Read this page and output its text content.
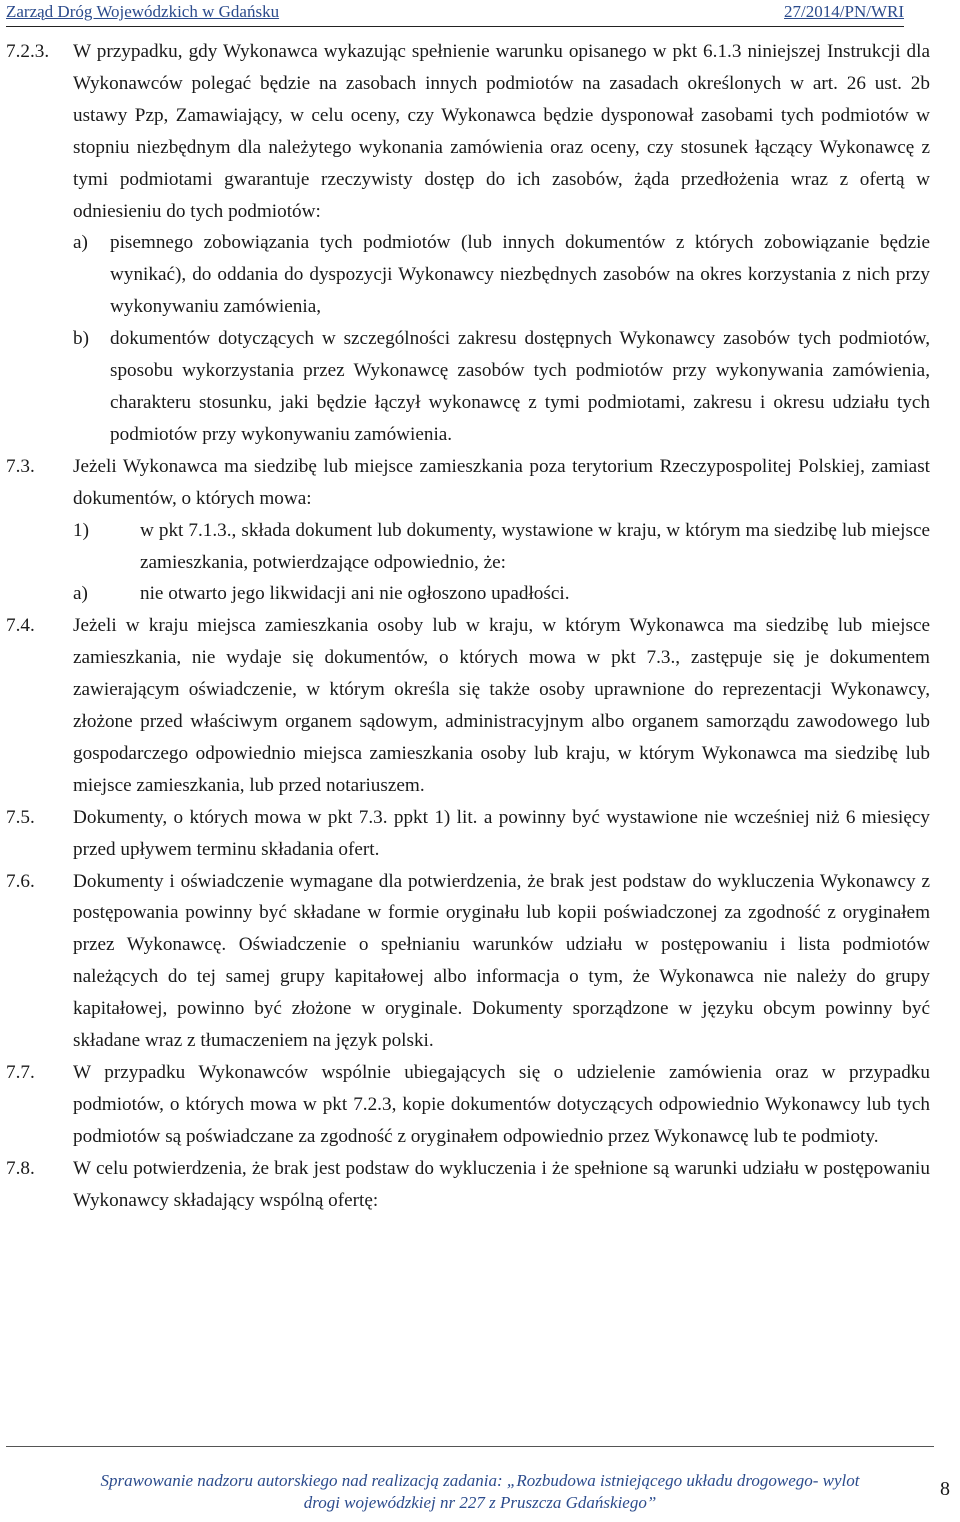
Zarząd Dróg Wojewódzkich w Gdańsku	27/2014/PN/WRI
7.2.3. W przypadku, gdy Wykonawca wykazując spełnienie warunku opisanego w pkt 6.1.3 niniejszej Instrukcji dla Wykonawców polegać będzie na zasobach innych podmiotów na zasadach określonych w art. 26 ust. 2b ustawy Pzp, Zamawiający, w celu oceny, czy Wykonawca będzie dysponował zasobami tych podmiotów w stopniu niezbędnym dla należytego wykonania zamówienia oraz oceny, czy stosunek łączący Wykonawcę z tymi podmiotami gwarantuje rzeczywisty dostęp do ich zasobów, żąda przedłożenia wraz z ofertą w odniesieniu do tych podmiotów:
a) pisemnego zobowiązania tych podmiotów (lub innych dokumentów z których zobowiązanie będzie wynikać), do oddania do dyspozycji Wykonawcy niezbędnych zasobów na okres korzystania z nich przy wykonywaniu zamówienia,
b) dokumentów dotyczących w szczególności zakresu dostępnych Wykonawcy zasobów tych podmiotów, sposobu wykorzystania przez Wykonawcę zasobów tych podmiotów przy wykonywania zamówienia, charakteru stosunku, jaki będzie łączył wykonawcę z tymi podmiotami, zakresu i okresu udziału tych podmiotów przy wykonywaniu zamówienia.
7.3. Jeżeli Wykonawca ma siedzibę lub miejsce zamieszkania poza terytorium Rzeczypospolitej Polskiej, zamiast dokumentów, o których mowa:
1)	w pkt 7.1.3., składa dokument lub dokumenty, wystawione w kraju, w którym ma siedzibę lub miejsce zamieszkania, potwierdzające odpowiednio, że:
a)	nie otwarto jego likwidacji ani nie ogłoszono upadłości.
7.4. Jeżeli w kraju miejsca zamieszkania osoby lub w kraju, w którym Wykonawca ma siedzibę lub miejsce zamieszkania, nie wydaje się dokumentów, o których mowa w pkt 7.3., zastępuje się je dokumentem zawierającym oświadczenie, w którym określa się także osoby uprawnione do reprezentacji Wykonawcy, złożone przed właściwym organem sądowym, administracyjnym albo organem samorządu zawodowego lub gospodarczego odpowiednio miejsca zamieszkania osoby lub kraju, w którym Wykonawca ma siedzibę lub miejsce zamieszkania, lub przed notariuszem.
7.5. Dokumenty, o których mowa w pkt 7.3. ppkt 1) lit. a powinny być wystawione nie wcześniej niż 6 miesięcy przed upływem terminu składania ofert.
7.6. Dokumenty i oświadczenie wymagane dla potwierdzenia, że brak jest podstaw do wykluczenia Wykonawcy z postępowania powinny być składane w formie oryginału lub kopii poświadczonej za zgodność z oryginałem przez Wykonawcę. Oświadczenie o spełnianiu warunków udziału w postępowaniu i lista podmiotów należących do tej samej grupy kapitałowej albo informacja o tym, że Wykonawca nie należy do grupy kapitałowej, powinno być złożone w oryginale. Dokumenty sporządzone w języku obcym powinny być składane wraz z tłumaczeniem na język polski.
7.7. W przypadku Wykonawców wspólnie ubiegających się o udzielenie zamówienia oraz w przypadku podmiotów, o których mowa w pkt 7.2.3, kopie dokumentów dotyczących odpowiednio Wykonawcy lub tych podmiotów są poświadczane za zgodność z oryginałem odpowiednio przez Wykonawcę lub te podmioty.
7.8. W celu potwierdzenia, że brak jest podstaw do wykluczenia i że spełnione są warunki udziału w postępowaniu Wykonawcy składający wspólną ofertę:
Sprawowanie nadzoru autorskiego nad realizacją zadania: „Rozbudowa istniejącego układu drogowego- wylot
drogi wojewódzkiej nr 227 z Pruszcza Gdańskiego”
8
